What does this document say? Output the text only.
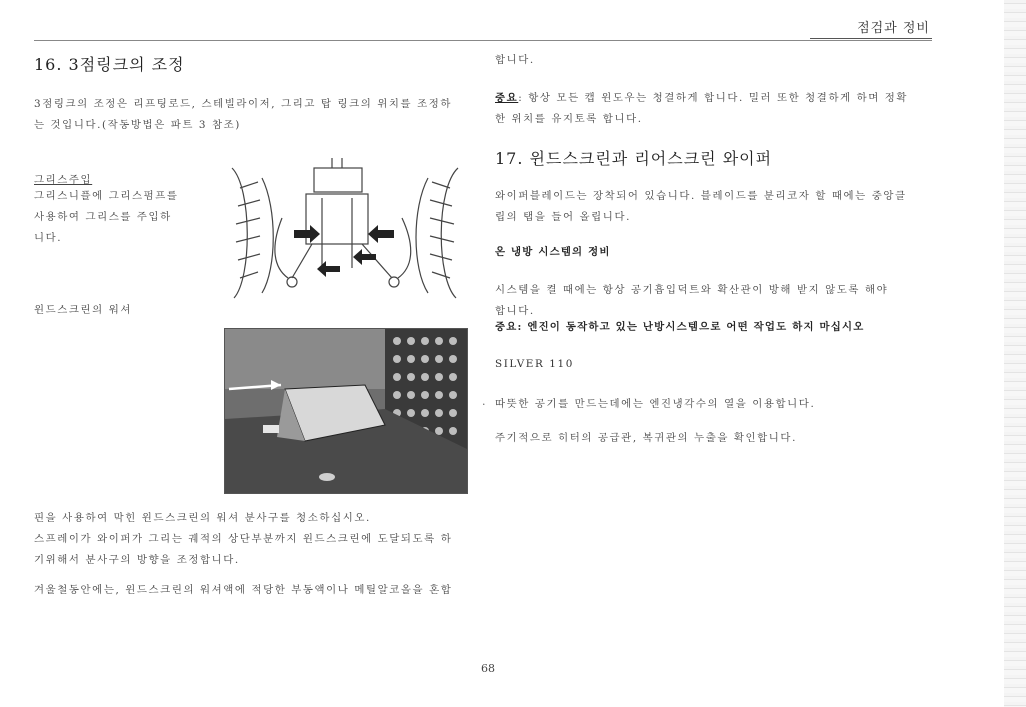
점검과 정비
16. 3점링크의 조정
3점링크의 조정은 리프팅로드, 스테빌라이저, 그리고 탑 링크의 위치를 조정하
는 것입니다.(작동방법은 파트 3 참조)
그리스주입
그리스니플에 그리스펌프를
사용하여 그리스를 주입하
니다.
윈드스크린의 워셔
핀을 사용하여 막힌 윈드스크린의 워셔 분사구를 청소하십시오.
스프레이가 와이퍼가 그리는 궤적의 상단부분까지 윈드스크린에 도달되도록 하
기위해서 분사구의 방향을 조정합니다.
겨울철동안에는, 윈드스크린의 워셔액에 적당한 부동액이나 메틸알코올을 혼합
합니다.
중요: 항상 모든 캡 윈도우는 청결하게 합니다. 밀러 또한 청결하게 하며 정확
한 위치를 유지토록 합니다.
17. 윈드스크린과 리어스크린 와이퍼
와이퍼블레이드는 장착되어 있습니다. 블레이드를 분리코자 할 때에는 중앙클
립의 탭을 들어 올립니다.
온 냉방 시스템의 정비
시스템을 켤 때에는 항상 공기흡입덕트와 확산관이 방해 받지 않도록 해야
합니다.
중요: 엔진이 동작하고 있는 난방시스템으로 어떤 작업도 하지 마십시오
SILVER 110
. 따뜻한 공기를 만드는데에는 엔진냉각수의 열을 이용합니다.
주기적으로 히터의 공급관, 복귀관의 누출을 확인합니다.
68
